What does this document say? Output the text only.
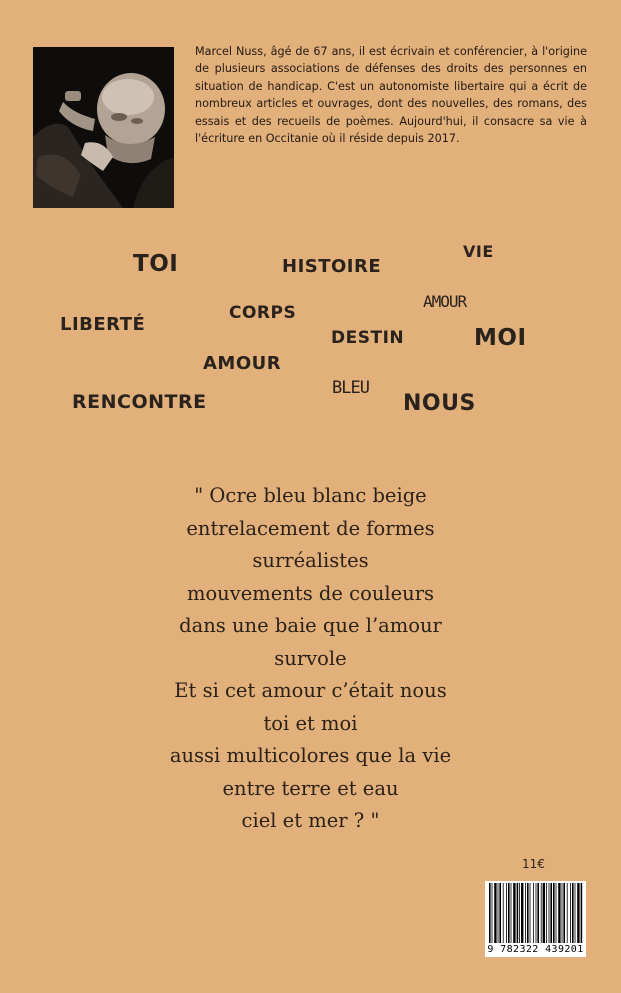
Marcel Nuss, âgé de 67 ans, il est écrivain et conférencier, à l'origine de plusieurs associations de défenses des droits des personnes en situation de handicap. C'est un autonomiste libertaire qui a écrit de nombreux articles et ouvrages, dont des nouvelles, des romans, des essais et des recueils de poèmes. Aujourd'hui, il consacre sa vie à l'écriture en Occitanie où il réside depuis 2017.

TOI	HISTOIRE
VIE
LIBERTÉ
CORPS
AMOUR
DESTIN	MOI
AMOUR
BLEU
RENCONTRE	NOUS
" Ocre bleu blanc beige
entrelacement de formes
surréalistes
mouvements de couleurs
dans une baie que l’amour
survole
Et si cet amour c’était nous
toi et moi
aussi multicolores que la vie
entre terre et eau
ciel et mer ? "
11€
9 782322 439201
